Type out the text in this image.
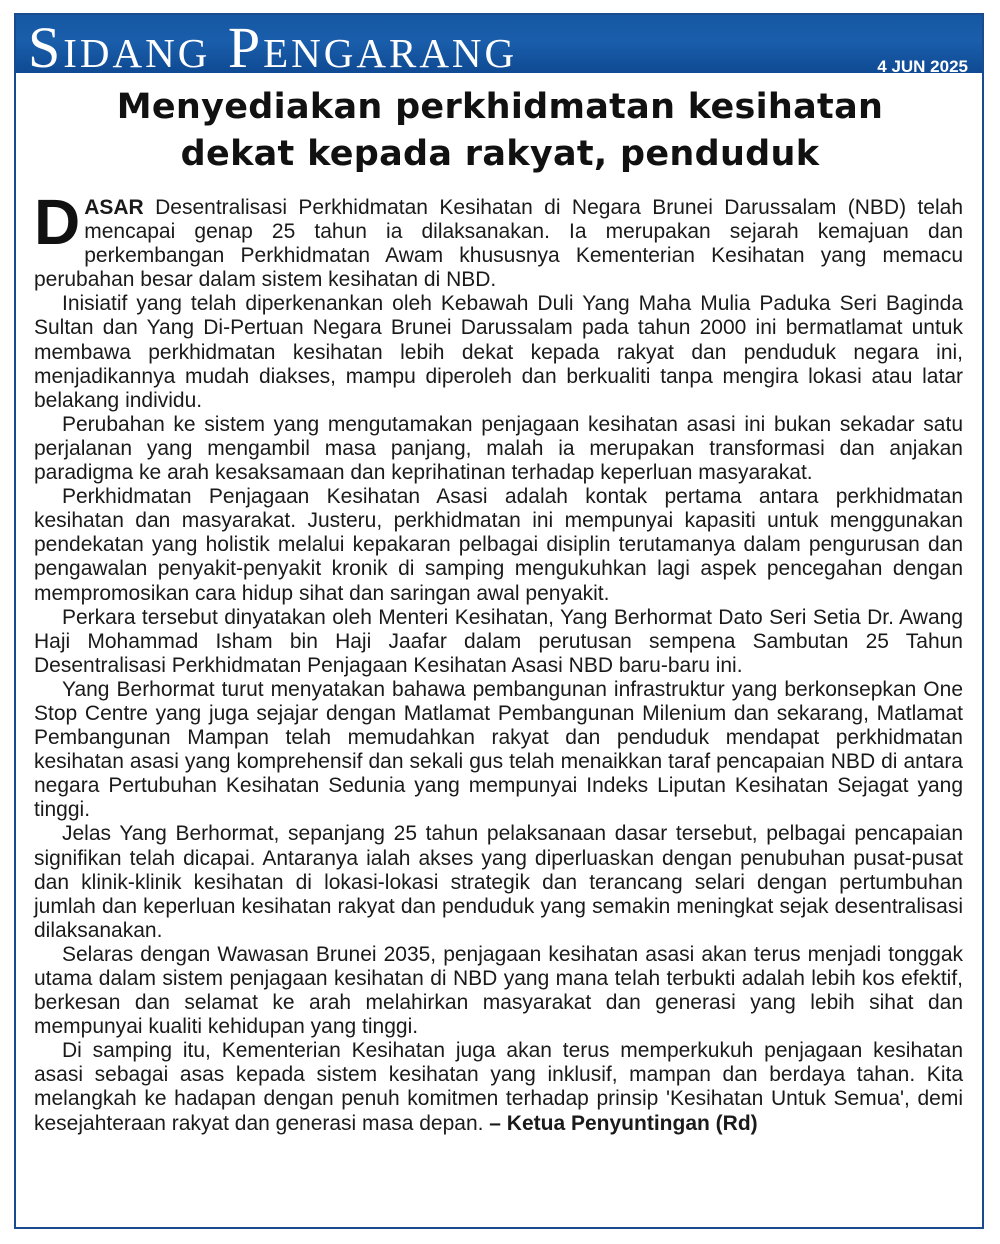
Sidang Pengarang	4 JUN 2025
Menyediakan perkhidmatan kesihatan
dekat kepada rakyat, penduduk

DASAR Desentralisasi Perkhidmatan Kesihatan di Negara Brunei Darussalam (NBD) telah mencapai genap 25 tahun ia dilaksanakan. Ia merupakan sejarah kemajuan dan perkembangan Perkhidmatan Awam khususnya Kementerian Kesihatan yang memacu perubahan besar dalam sistem kesihatan di NBD.

Inisiatif yang telah diperkenankan oleh Kebawah Duli Yang Maha Mulia Paduka Seri Baginda Sultan dan Yang Di-Pertuan Negara Brunei Darussalam pada tahun 2000 ini bermatlamat untuk membawa perkhidmatan kesihatan lebih dekat kepada rakyat dan penduduk negara ini, menjadikannya mudah diakses, mampu diperoleh dan berkualiti tanpa mengira lokasi atau latar belakang individu.

Perubahan ke sistem yang mengutamakan penjagaan kesihatan asasi ini bukan sekadar satu perjalanan yang mengambil masa panjang, malah ia merupakan transformasi dan anjakan paradigma ke arah kesaksamaan dan keprihatinan terhadap keperluan masyarakat.

Perkhidmatan Penjagaan Kesihatan Asasi adalah kontak pertama antara perkhidmatan kesihatan dan masyarakat. Justeru, perkhidmatan ini mempunyai kapasiti untuk menggunakan pendekatan yang holistik melalui kepakaran pelbagai disiplin terutamanya dalam pengurusan dan pengawalan penyakit-penyakit kronik di samping mengukuhkan lagi aspek pencegahan dengan mempromosikan cara hidup sihat dan saringan awal penyakit.

Perkara tersebut dinyatakan oleh Menteri Kesihatan, Yang Berhormat Dato Seri Setia Dr. Awang Haji Mohammad Isham bin Haji Jaafar dalam perutusan sempena Sambutan 25 Tahun Desentralisasi Perkhidmatan Penjagaan Kesihatan Asasi NBD baru-baru ini.

Yang Berhormat turut menyatakan bahawa pembangunan infrastruktur yang berkonsepkan One Stop Centre yang juga sejajar dengan Matlamat Pembangunan Milenium dan sekarang, Matlamat Pembangunan Mampan telah memudahkan rakyat dan penduduk mendapat perkhidmatan kesihatan asasi yang komprehensif dan sekali gus telah menaikkan taraf pencapaian NBD di antara negara Pertubuhan Kesihatan Sedunia yang mempunyai Indeks Liputan Kesihatan Sejagat yang tinggi.

Jelas Yang Berhormat, sepanjang 25 tahun pelaksanaan dasar tersebut, pelbagai pencapaian signifikan telah dicapai. Antaranya ialah akses yang diperluaskan dengan penubuhan pusat-pusat dan klinik-klinik kesihatan di lokasi-lokasi strategik dan terancang selari dengan pertumbuhan jumlah dan keperluan kesihatan rakyat dan penduduk yang semakin meningkat sejak desentralisasi dilaksanakan.

Selaras dengan Wawasan Brunei 2035, penjagaan kesihatan asasi akan terus menjadi tonggak utama dalam sistem penjagaan kesihatan di NBD yang mana telah terbukti adalah lebih kos efektif, berkesan dan selamat ke arah melahirkan masyarakat dan generasi yang lebih sihat dan mempunyai kualiti kehidupan yang tinggi.

Di samping itu, Kementerian Kesihatan juga akan terus memperkukuh penjagaan kesihatan asasi sebagai asas kepada sistem kesihatan yang inklusif, mampan dan berdaya tahan. Kita melangkah ke hadapan dengan penuh komitmen terhadap prinsip 'Kesihatan Untuk Semua', demi kesejahteraan rakyat dan generasi masa depan. – Ketua Penyuntingan (Rd)
